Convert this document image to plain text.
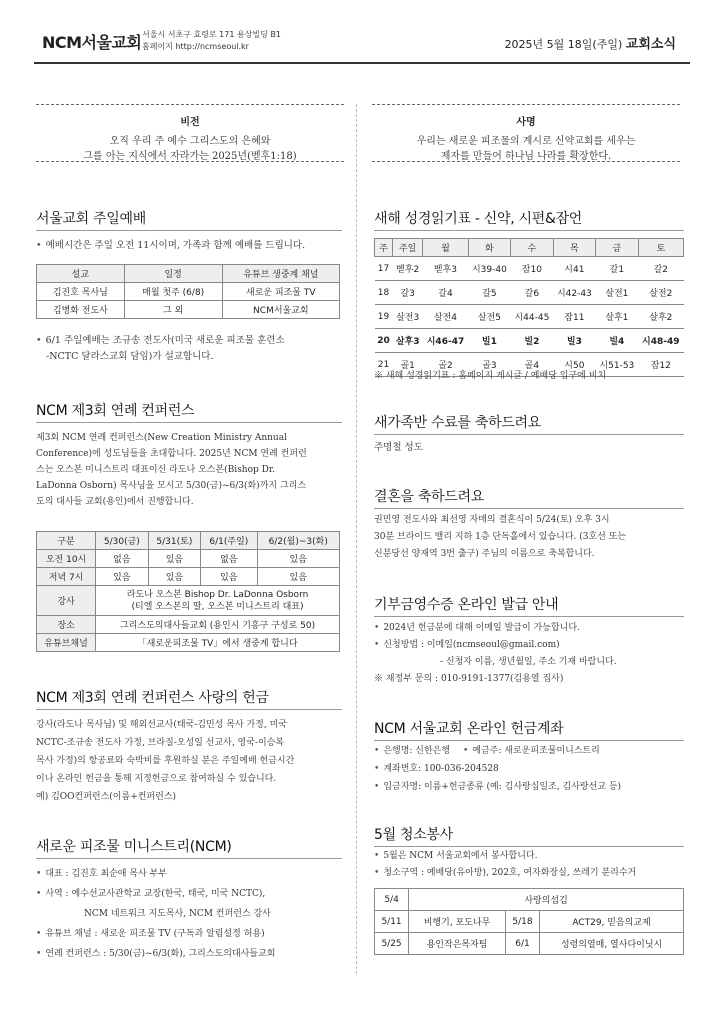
NCM서울교회 서울시 서초구 효령로 171 용상빌딩 B1
홈페이지 http://ncmseoul.kr	2025년 5월 18일(주일) 교회소식
비전
오직 우리 주 예수 그리스도의 은혜와
그를 아는 지식에서 자라가는 2025년(벧후1:18)
사명
우리는 새로운 피조물의 계시로 신약교회를 세우는
제자를 만들어 하나님 나라를 확장한다.
서울교회 주일예배
• 예배시간은 주일 오전 11시이며, 가족과 함께 예배를 드립니다.
설교	일정	유튜브 생중계 채널
김진호 목사님	매월 첫주 (6/8)	새로운 피조물 TV
김병화 전도사	그 외	NCM서울교회
• 6/1 주일예배는 조규송 전도사(미국 새로운 피조물 훈련소
-NCTC 달라스교회 담임)가 설교합니다.
NCM 제3회 연례 컨퍼런스
제3회 NCM 연례 컨퍼런스(New Creation Ministry Annual
Conference)에 성도님들을 초대합니다. 2025년 NCM 연례 컨퍼런
스는 오스본 미니스트리 대표이신 라도나 오스본(Bishop Dr.
LaDonna Osborn) 목사님을 모시고 5/30(금)~6/3(화)까지 그리스
도의 대사들 교회(용인)에서 진행합니다.
구분	5/30(금)	5/31(토)	6/1(주일)	6/2(월)~3(화)
오전 10시	없음	있음	없음	있음
저녁 7시	있음	있음	있음	있음
강사	라도나 오스본 Bishop Dr. LaDonna Osborn
(티엘 오스본의 딸, 오스본 미니스트리 대표)			

장소	그리스도의대사들교회 (용인시 기흥구 구성로 50)			
유튜브채널	「새로운피조물 TV」에서 생중계 합니다			
NCM 제3회 연례 컨퍼런스 사랑의 헌금
강사(라도나 목사님) 및 해외선교사(태국-김민성 목사 가정, 미국
NCTC-조규송 전도사 가정, 브라질-오성일 선교사, 영국-이승복
목사 가정)의 항공료와 숙박비를 후원하실 분은 주일예배 헌금시간
이나 온라인 헌금을 통해 지정헌금으로 참여하실 수 있습니다.
예) 김OO컨퍼런스(이름+컨퍼런스)
새로운 피조물 미니스트리(NCM)
• 대표 : 김진호 최순애 목사 부부
• 사역 : 예수선교사관학교 교장(한국, 태국, 미국 NCTC),
NCM 네트워크 지도목사, NCM 컨퍼런스 강사
• 유튜브 채널 : 새로운 피조물 TV (구독과 알림설정 허용)
• 연례 컨퍼런스 : 5/30(금)~6/3(화), 그리스도의대사들교회
새해 성경읽기표 - 신약, 시편&잠언
주	주일	월	화	수	목	금	토
17	벧후2	벧후3	시39-40	잠10	시41	갈1	갈2
18	갈3	갈4	갈5	갈6	시42-43	살전1	살전2
19	살전3	살전4	살전5	시44-45	잠11	살후1	살후2
20	살후3	시46-47	빌1	빌2	빌3	빌4	시48-49
21	골1	골2	골3	골4	시50	시51-53	잠12
※ 새해 성경읽기표 : 홈페이지 게시글 / 예배당 입구에 비치
새가족반 수료를 축하드려요
주명철 성도
결혼을 축하드려요
권민영 전도사와 최선영 자매의 결혼식이 5/24(토) 오후 3시
30분 브라이드 밸리 지하 1층 단독홀에서 있습니다. (3호선 또는
신분당선 양재역 3번 출구) 주님의 이름으로 축복합니다.
기부금영수증 온라인 발급 안내
• 2024년 헌금분에 대해 이메일 발급이 가능합니다.
• 신청방법 : 이메일(ncmseoul@gmail.com)
- 신청자 이름, 생년월일, 주소 기재 바랍니다.
※ 재정부 문의 : 010-9191-1377(김용열 집사)
NCM 서울교회 온라인 헌금계좌
• 은행명: 신한은행 • 예금주: 새로운피조물미니스트리
• 계좌번호: 100-036-204528
• 입금자명: 이름+헌금종류 (예: 김사랑십일조, 김사랑선교 등)
5월 청소봉사
• 5월은 NCM 서울교회에서 봉사합니다.
• 청소구역 : 예배당(유아방), 202호, 여자화장실, 쓰레기 분리수거
5/4	사랑의섬김		
5/11	비행기, 포도나무	5/18	ACT29, 믿음의교제
5/25	용인작은목자팀	6/1	성령의열매, 열사다이닛시
